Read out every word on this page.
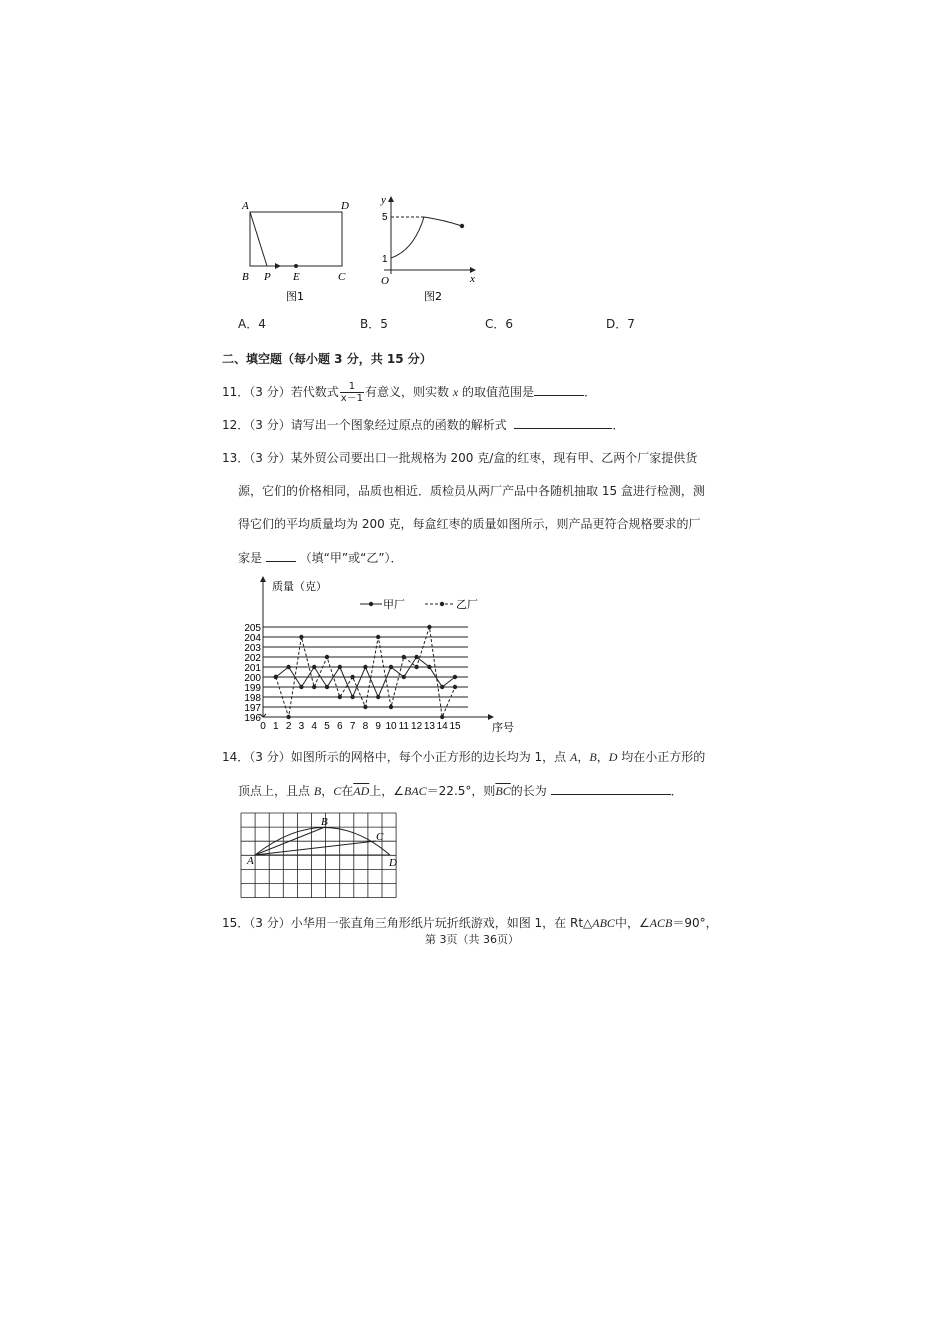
A	D
B P E	C
图1
y
5
1
O	x
图2
A．4	B．5	C．6	D．7
二、填空题（每小题 3 分，共 15 分）
11．（3 分）若代数式 $\frac{1}{x-1}$ 有意义，则实数 x 的取值范围是	．
12．（3 分）请写出一个图象经过原点的函数的解析式	．
13．（3 分）某外贸公司要出口一批规格为 200 克/盒的红枣，现有甲、乙两个厂家提供货
源，它们的价格相同，品质也相近．质检员从两厂产品中各随机抽取 15 盒进行检测，测
得它们的平均质量均为 200 克，每盒红枣的质量如图所示，则产品更符合规格要求的厂
家是	（填“甲”或“乙”）．
196
197
198
199
200
201
202
203
204
205
0 1 2 3 4 5 6 7 8 9 10 11 12 13 14 15
质量（克）
序号
甲厂	乙厂
14．（3 分）如图所示的网格中，每个小正方形的边长均为 1，点 A，B，D 均在小正方形的
顶点上，且点 B，C在$\overline{AD}$上，∠BAC＝22.5°，则$\overline{BC}$的长为	．
A
B
C
D
15．（3 分）小华用一张直角三角形纸片玩折纸游戏，如图 1，在 Rt△ABC中，∠ACB＝90°，
第 3页（共 36页）
